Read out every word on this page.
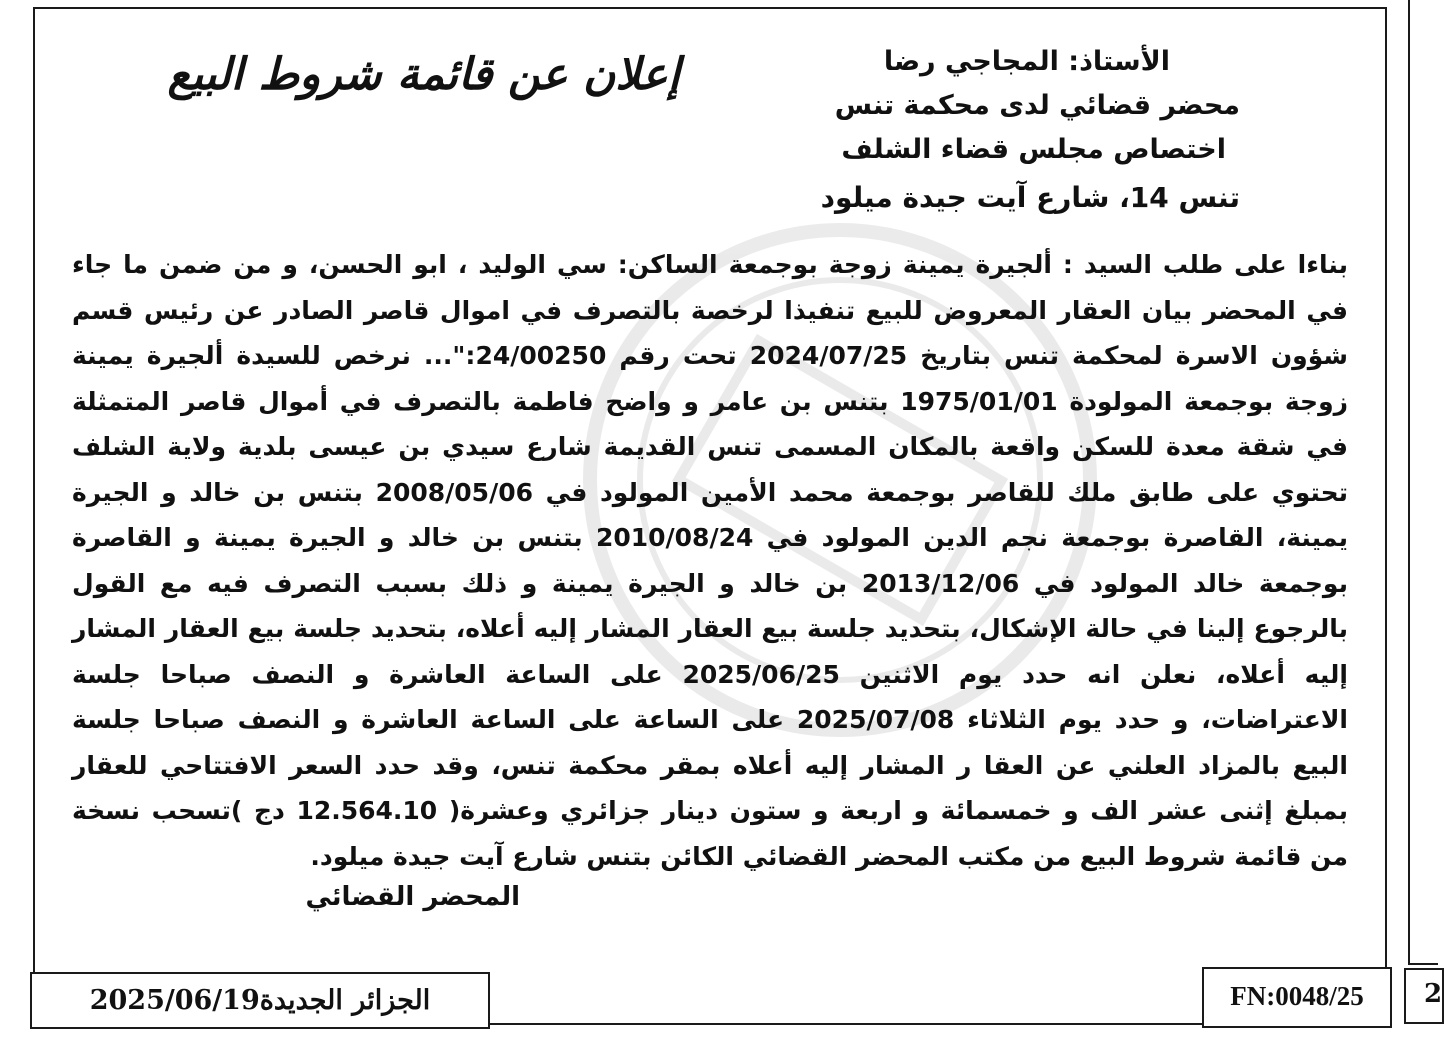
2
إعلان عن قائمة شروط البيع	الأستاذ: المجاجي رضا
محضر قضائي لدى محكمة تنس
اختصاص مجلس قضاء الشلف
تنس 14، شارع آيت جيدة ميلود
بناءا على طلب السيد : ألجيرة يمينة زوجة بوجمعة الساكن: سي الوليد ، ابو الحسن، و من ضمن ما جاء في المحضر بيان العقار المعروض للبيع تنفيذا لرخصة بالتصرف في اموال قاصر الصادر عن رئيس قسم شؤون الاسرة لمحكمة تنس بتاريخ 2024/07/25 تحت رقم 24/00250:"... نرخص للسيدة ألجيرة يمينة زوجة بوجمعة المولودة 1975/01/01 بتنس بن عامر و واضح فاطمة بالتصرف في أموال قاصر المتمثلة في شقة معدة للسكن واقعة بالمكان المسمى تنس القديمة شارع سيدي بن عيسى بلدية ولاية الشلف تحتوي على طابق ملك للقاصر بوجمعة محمد الأمين المولود في 2008/05/06 بتنس بن خالد و الجيرة يمينة، القاصرة بوجمعة نجم الدين المولود في 2010/08/24 بتنس بن خالد و الجيرة يمينة و القاصرة بوجمعة خالد المولود في 2013/12/06 بن خالد و الجيرة يمينة و ذلك بسبب التصرف فيه مع القول بالرجوع إلينا في حالة الإشكال، بتحديد جلسة بيع العقار المشار إليه أعلاه، بتحديد جلسة بيع العقار المشار إليه أعلاه، نعلن انه حدد يوم الاثنين 2025/06/25 على الساعة العاشرة و النصف صباحا جلسة الاعتراضات، و حدد يوم الثلاثاء 2025/07/08 على الساعة على الساعة العاشرة و النصف صباحا جلسة البيع بالمزاد العلني عن العقا ر المشار إليه أعلاه بمقر محكمة تنس، وقد حدد السعر الافتتاحي للعقار بمبلغ إثنى عشر الف و خمسمائة و اربعة و ستون دينار جزائري وعشرة( 12.564.10 دج )تسحب نسخة من قائمة شروط البيع من مكتب المحضر القضائي الكائن بتنس شارع آيت جيدة ميلود.
المحضر القضائي
الجزائر الجديدة2025/06/19	FN:0048/25
